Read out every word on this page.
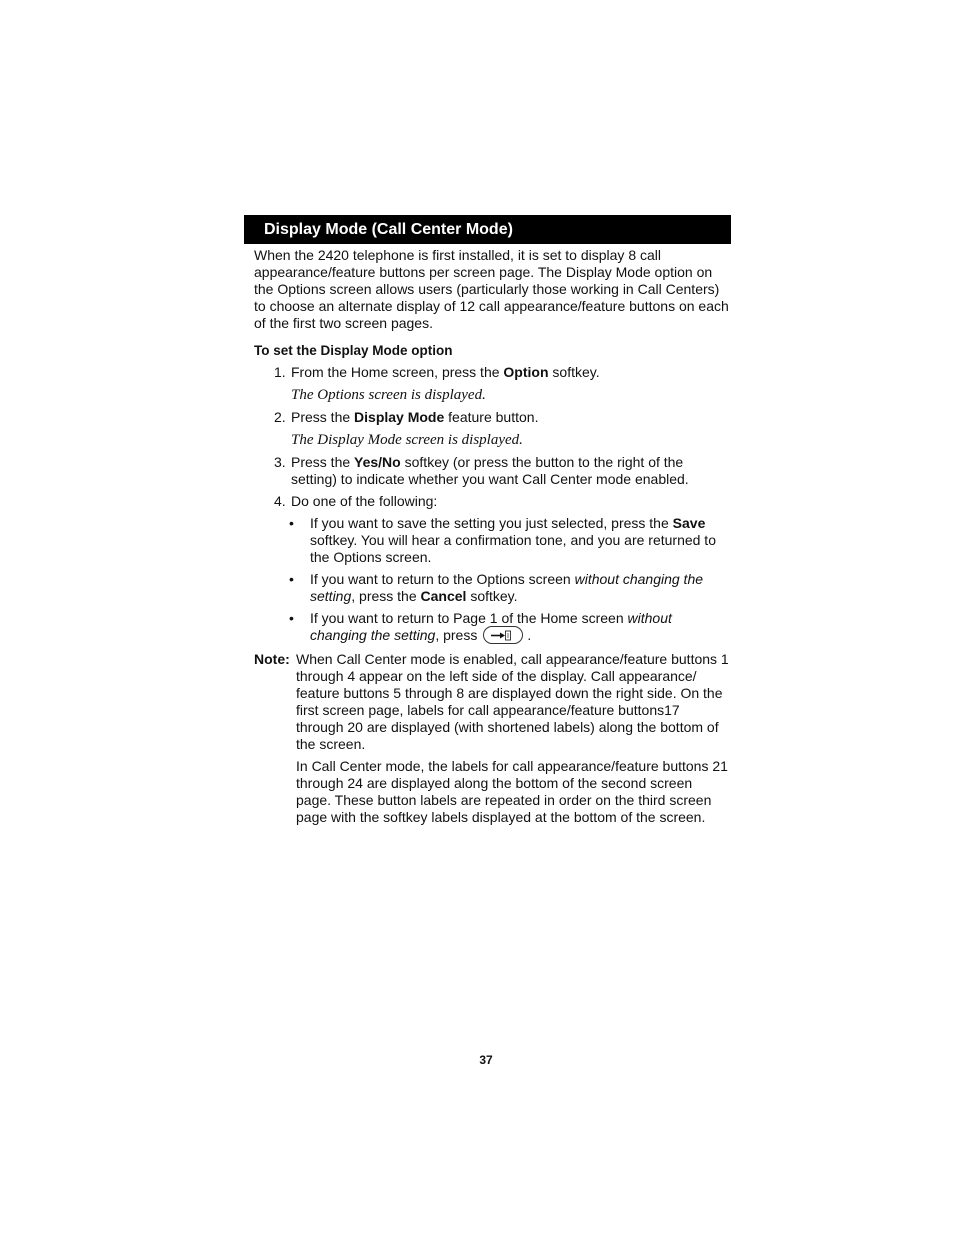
Display Mode (Call Center Mode)

When the 2420 telephone is first installed, it is set to display 8 call appearance/feature buttons per screen page. The Display Mode option on the Options screen allows users (particularly those working in Call Centers) to choose an alternate display of 12 call appearance/feature buttons on each of the first two screen pages.

To set the Display Mode option

1. From the Home screen, press the Option softkey.

The Options screen is displayed.

2. Press the Display Mode feature button.

The Display Mode screen is displayed.

3. Press the Yes/No softkey (or press the button to the right of the setting) to indicate whether you want Call Center mode enabled.

4. Do one of the following:

• If you want to save the setting you just selected, press the Save softkey. You will hear a confirmation tone, and you are returned to the Options screen.

• If you want to return to the Options screen without changing the setting, press the Cancel softkey.

• If you want to return to Page 1 of the Home screen without changing the setting, press	.

Note: When Call Center mode is enabled, call appearance/feature buttons 1 through 4 appear on the left side of the display. Call appearance/ feature buttons 5 through 8 are displayed down the right side. On the first screen page, labels for call appearance/feature buttons17 through 20 are displayed (with shortened labels) along the bottom of the screen.

In Call Center mode, the labels for call appearance/feature buttons 21 through 24 are displayed along the bottom of the second screen page. These button labels are repeated in order on the third screen page with the softkey labels displayed at the bottom of the screen.

37
